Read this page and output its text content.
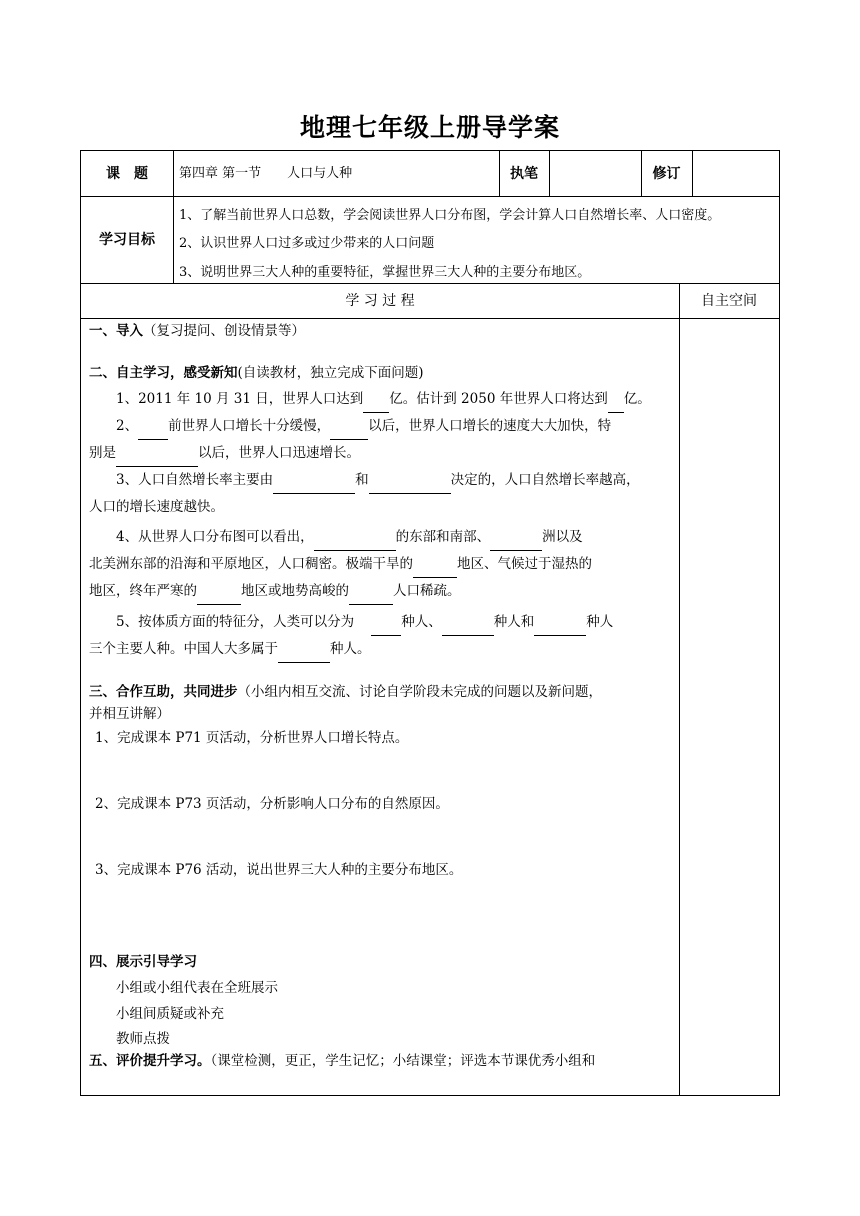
地理七年级上册导学案
课　题	第四章 第一节　　人口与人种	执笔	修订
学习目标
1、了解当前世界人口总数，学会阅读世界人口分布图，学会计算人口自然增长率、人口密度。
2、认识世界人口过多或过少带来的人口问题
3、说明世界三大人种的重要特征，掌握世界三大人种的主要分布地区。
学 习 过 程	自主空间
一、导入（复习提问、创设情景等）
二、自主学习，感受新知(自读教材，独立完成下面问题)
1、2011 年 10 月 31 日，世界人口达到 亿。估计到 2050 年世界人口将达到 亿。
2、 前世界人口增长十分缓慢，	以后，世界人口增长的速度大大加快，特
别是	以后，世界人口迅速增长。
3、人口自然增长率主要由	和	决定的，人口自然增长率越高，
人口的增长速度越快。
4、从世界人口分布图可以看出，	的东部和南部、	洲以及
北美洲东部的沿海和平原地区，人口稠密。极端干旱的	地区、气候过于湿热的
地区，终年严寒的	地区或地势高峻的	人口稀疏。
5、按体质方面的特征分，人类可以分为	种人、	种人和	种人
三个主要人种。中国人大多属于	种人。
三、合作互助，共同进步（小组内相互交流、讨论自学阶段未完成的问题以及新问题，
并相互讲解）
1、完成课本 P71 页活动，分析世界人口增长特点。
2、完成课本 P73 页活动，分析影响人口分布的自然原因。
3、完成课本 P76 活动，说出世界三大人种的主要分布地区。
四、展示引导学习
小组或小组代表在全班展示
小组间质疑或补充
教师点拨
五、评价提升学习。（课堂检测，更正，学生记忆；小结课堂；评选本节课优秀小组和
